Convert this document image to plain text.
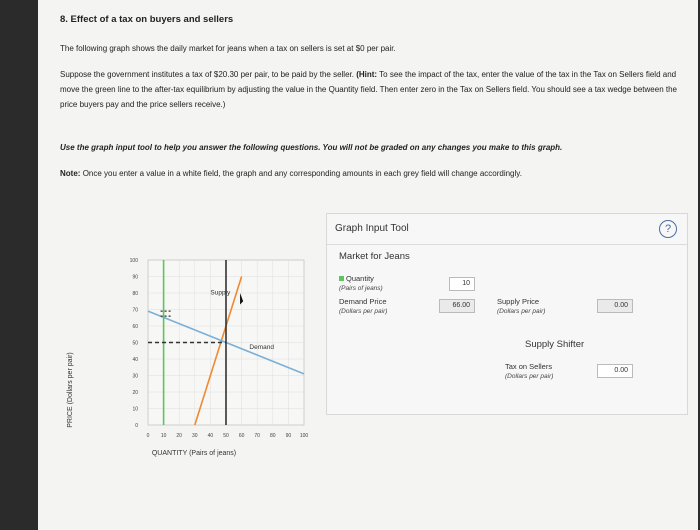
8. Effect of a tax on buyers and sellers
The following graph shows the daily market for jeans when a tax on sellers is set at $0 per pair.
Suppose the government institutes a tax of $20.30 per pair, to be paid by the seller. (Hint: To see the impact of the tax, enter the value of the tax in the Tax on Sellers field and move the green line to the after-tax equilibrium by adjusting the value in the Quantity field. Then enter zero in the Tax on Sellers field. You should see a tax wedge between the price buyers pay and the price sellers receive.)
Use the graph input tool to help you answer the following questions. You will not be graded on any changes you make to this graph.
Note: Once you enter a value in a white field, the graph and any corresponding amounts in each grey field will change accordingly.
100
90
80
70
60
50
40
30
20
10
0
0 10 20 30 40 50 60 70 80 90 100
Supply
Demand
PRICE (Dollars per pair)
QUANTITY (Pairs of jeans)
Graph Input Tool	?
Market for Jeans
Quantity
(Pairs of jeans)
10
Demand Price
(Dollars per pair)
66.00	Supply Price
(Dollars per pair)
0.00
Supply Shifter
Tax on Sellers
(Dollars per pair)
0.00
